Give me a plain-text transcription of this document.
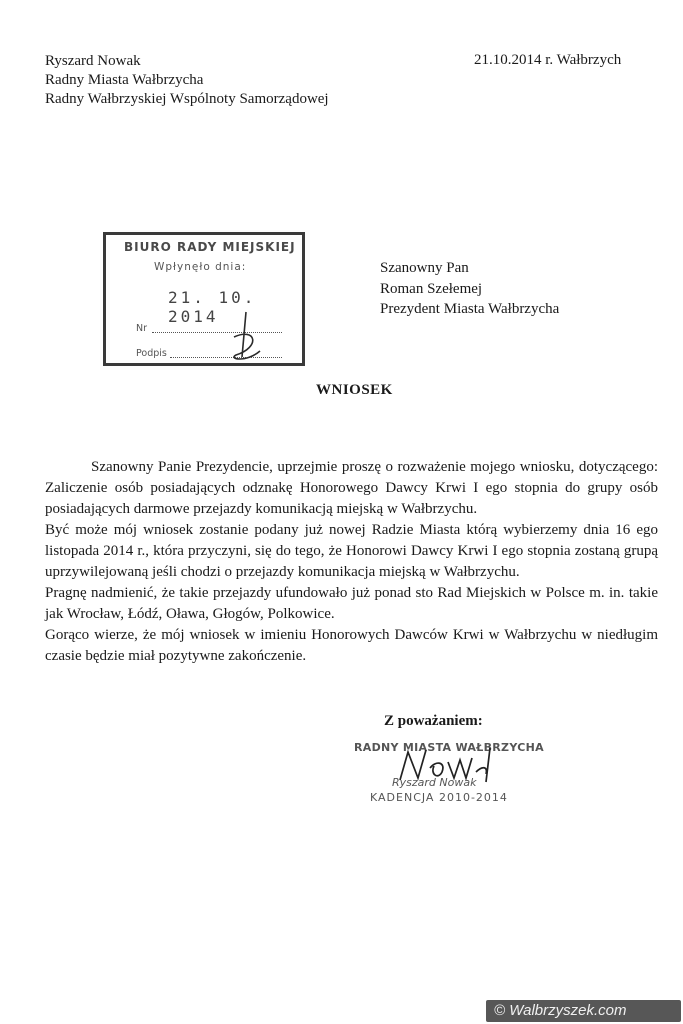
Ryszard Nowak
Radny Miasta Wałbrzycha
Radny Wałbrzyskiej Wspólnoty Samorządowej
21.10.2014 r. Wałbrzych
BIURO RADY MIEJSKIEJ
Wpłynęło dnia:
21. 10. 2014
Nr
Podpis
Szanowny Pan
Roman Szełemej
Prezydent Miasta Wałbrzycha
WNIOSEK

Szanowny Panie Prezydencie, uprzejmie proszę o rozważenie mojego wniosku, dotyczącego: Zaliczenie osób posiadających odznakę Honorowego Dawcy Krwi I ego stopnia do grupy osób posiadających darmowe przejazdy komunikacją miejską w Wałbrzychu.

Być może mój wniosek zostanie podany już nowej Radzie Miasta którą wybierzemy dnia 16 ego listopada 2014 r., która przyczyni, się do tego, że Honorowi Dawcy Krwi I ego stopnia zostaną grupą uprzywilejowaną jeśli chodzi o przejazdy komunikacja miejską w Wałbrzychu.

Pragnę nadmienić, że takie przejazdy ufundowało już ponad sto Rad Miejskich w Polsce m. in. takie jak Wrocław, Łódź, Oława, Głogów, Polkowice.

Gorąco wierze, że mój wniosek w imieniu Honorowych Dawców Krwi w Wałbrzychu w niedługim czasie będzie miał pozytywne zakończenie.

Z poważaniem:
RADNY MIASTA WAŁBRZYCHA
Ryszard Nowak
KADENCJA 2010-2014
© Walbrzyszek.com
